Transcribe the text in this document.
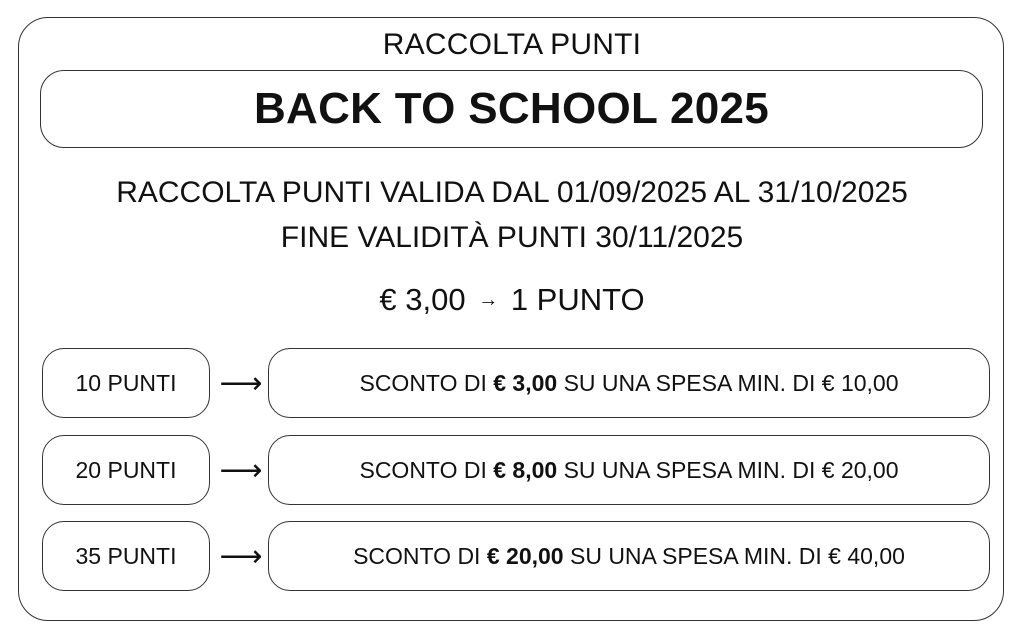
RACCOLTA PUNTI
BACK TO SCHOOL 2025
RACCOLTA PUNTI VALIDA DAL 01/09/2025 AL 31/10/2025
FINE VALIDITÀ PUNTI 30/11/2025
€ 3,00 → 1 PUNTO
10 PUNTI	⟶	SCONTO DI
€ 3,00
SU UNA SPESA MIN. DI € 10,00
20 PUNTI	⟶	SCONTO DI
€ 8,00
SU UNA SPESA MIN. DI € 20,00
35 PUNTI	⟶	SCONTO DI
€ 20,00
SU UNA SPESA MIN. DI € 40,00
